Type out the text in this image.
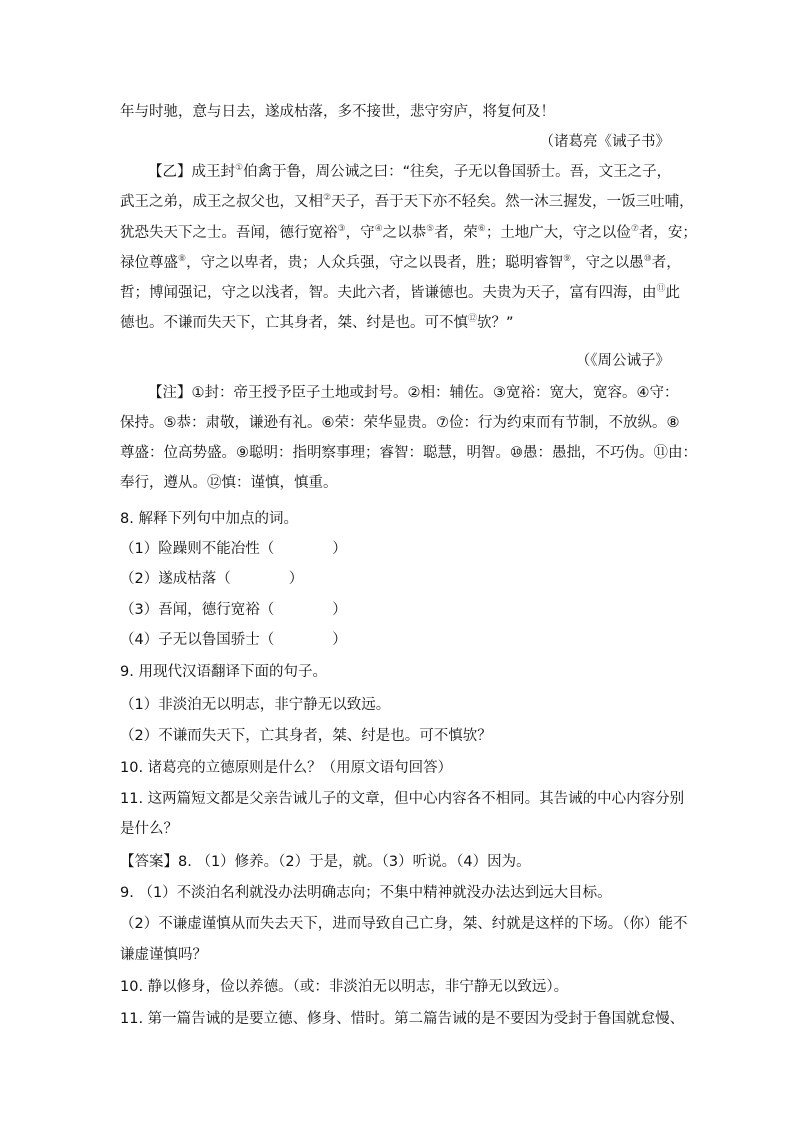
年与时驰，意与日去，遂成枯落，多不接世，悲守穷庐，将复何及！
（诸葛亮《诫子书》
【乙】成王封①伯禽于鲁，周公诫之曰：“往矣，子无以鲁国骄士。吾，文王之子，
武王之弟，成王之叔父也，又相②天子，吾于天下亦不轻矣。然一沐三握发，一饭三吐哺，
犹恐失天下之士。吾闻，德行宽裕③，守④之以恭⑤者，荣⑥；土地广大，守之以俭⑦者，安；
禄位尊盛⑧，守之以卑者，贵；人众兵强，守之以畏者，胜；聪明睿智⑨，守之以愚⑩者，
哲；博闻强记，守之以浅者，智。夫此六者，皆谦德也。夫贵为天子，富有四海，由⑪此
德也。不谦而失天下，亡其身者，桀、纣是也。可不慎⑫欤？”
（《周公诫子》
【注】①封：帝王授予臣子土地或封号。②相：辅佐。③宽裕：宽大，宽容。④守：
保持。⑤恭：肃敬，谦逊有礼。⑥荣：荣华显贵。⑦俭：行为约束而有节制，不放纵。⑧
尊盛：位高势盛。⑨聪明：指明察事理；睿智：聪慧，明智。⑩愚：愚拙，不巧伪。⑪由：
奉行，遵从。⑫慎：谨慎，慎重。
8. 解释下列句中加点的词。
（1）险躁则不能冶性（　　　　）
（2）遂成枯落（　　　　）
（3）吾闻，德行宽裕（　　　　）
（4）子无以鲁国骄士（　　　　）
9. 用现代汉语翻译下面的句子。
（1）非淡泊无以明志，非宁静无以致远。
（2）不谦而失天下，亡其身者，桀、纣是也。可不慎欤？
10. 诸葛亮的立德原则是什么？（用原文语句回答）
11. 这两篇短文都是父亲告诫儿子的文章，但中心内容各不相同。其告诫的中心内容分别
是什么？
【答案】8. （1）修养。（2）于是，就。（3）听说。（4）因为。
9. （1）不淡泊名利就没办法明确志向；不集中精神就没办法达到远大目标。
（2）不谦虚谨慎从而失去天下，进而导致自己亡身，桀、纣就是这样的下场。（你）能不
谦虚谨慎吗？
10. 静以修身，俭以养德。（或：非淡泊无以明志，非宁静无以致远）。
11. 第一篇告诫的是要立德、修身、惜时。第二篇告诫的是不要因为受封于鲁国就怠慢、
